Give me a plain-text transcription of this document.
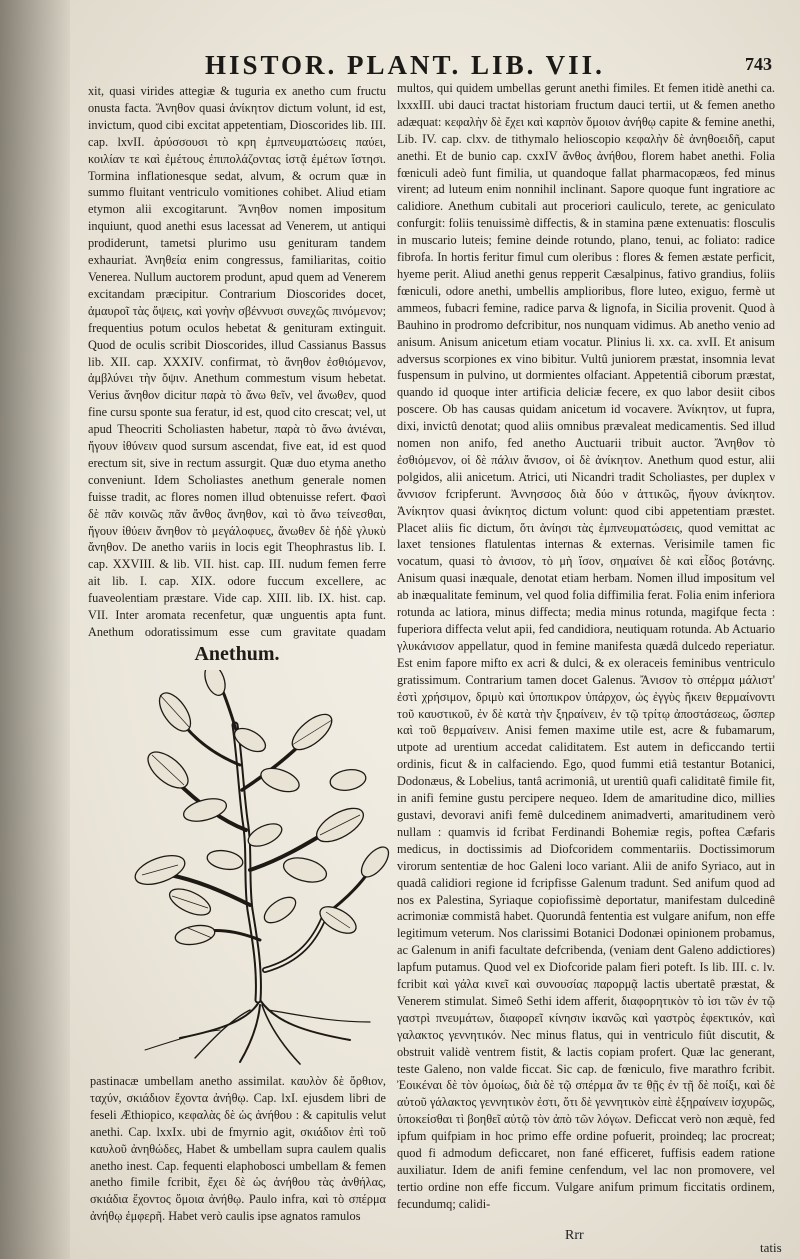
HISTOR. PLANT. LIB. VII.	743

xit, quasi virides attegiæ & tuguria ex anetho cum fructu onusta facta. Ἄνηθον quasi ἀνίκητον dictum volunt, id est, invictum, quod cibi excitat appetentiam, Dioscorides lib. III. cap. lxvII. ἀρύσσουσι τὸ κρη ἐμπνευματώσεις παύει, κοιλίαν τε καὶ ἐμέτους ἐπιπολάζοντας ἱστᾷ ἐμέτων ἵστησι. Tormina inflationesque sedat, alvum, & ocrum quæ in summo fluitant ventriculo vomitiones cohibet. Aliud etiam etymon alii excogitarunt. Ἄνηθον nomen impositum inquiunt, quod anethi esus lacessat ad Venerem, ut antiqui prodiderunt, tametsi plurimo usu genituram tandem exhauriat. Ἀνηθεία enim congressus, familiaritas, coitio Venerea. Nullum auctorem produnt, apud quem ad Venerem excitandam præcipitur. Contrarium Dioscorides docet, ἀμαυροῖ τὰς ὄψεις, καὶ γονὴν σβέννυσι συνεχῶς πινόμενον; frequentius potum oculos hebetat & genituram extinguit. Quod de oculis scribit Dioscorides, illud Cassianus Bassus lib. XII. cap. XXXIV. confirmat, τὸ ἄνηθον ἐσθιόμενον, ἀμβλύνει τὴν ὄψιν. Anethum commestum visum hebetat. Verius ἄνηθον dicitur παρὰ τὸ ἄνω θεῖν, vel ἄνωθεν, quod fine cursu sponte sua feratur, id est, quod cito crescat; vel, ut apud Theocriti Scholiasten habetur, παρὰ τὸ ἄνω ἀνιέναι, ἤγουν ἰθύνειν quod sursum ascendat, five eat, id est quod erectum sit, sive in rectum assurgit. Quæ duo etyma anetho conveniunt. Idem Scholiastes anethum generale nomen fuisse tradit, ac flores nomen illud obtenuisse refert. Φασὶ δὲ πᾶν κοινῶς πᾶν ἄνθος ἄνηθον, καὶ τὸ ἄνω τείνεσθαι, ἤγουν ἰθύειν ἄνηθον τὸ μεγάλοφυες, ἄνωθεν δὲ ἡδὲ γλυκὺ ἄνηθον. De anetho variis in locis egit Theophrastus lib. I. cap. XXVIII. & lib. VII. hist. cap. III. nudum femen ferre ait lib. I. cap. XIX. odore fuccum excellere, ac fuaveolentiam præstare. Vide cap. XIII. lib. IX. hist. cap. VII. Inter aromata recenfetur, quæ unguentis apta funt. Anethum odoratissimum esse cum gravitate quadam

Anethum.

pastinacæ umbellam anetho assimilat. καυλὸν δὲ ὄρθιον, ταχύν, σκιάδιον ἔχοντα ἀνήθῳ. Cap. lxI. ejusdem libri de feseli Æthiopico, κεφαλὰς δὲ ὡς ἀνήθου : & capitulis velut anethi. Cap. lxxIx. ubi de fmyrnio agit, σκιάδιον ἐπὶ τοῦ καυλοῦ ἀνηθώδες, Habet & umbellam supra caulem qualis anetho inest. Cap. fequenti elaphobosci umbellam & femen anetho fimile fcribit, ἔχει δὲ ὡς ἀνήθου τὰς ἀνθήλας, σκιάδια ἔχοντος ὅμοια ἀνήθῳ. Paulo infra, καὶ τὸ σπέρμα ἀνήθῳ ἐμφερῆ. Habet verò caulis ipse agnatos ramulos

multos, qui quidem umbellas gerunt anethi fimiles. Et femen itidè anethi ca. lxxxIII. ubi dauci tractat historiam fructum dauci tertii, ut & femen anetho adæquat: κεφαλὴν δὲ ἔχει καὶ καρπὸν ὅμοιον ἀνήθῳ capite & femine anethi, Lib. IV. cap. clxv. de tithymalo helioscopio κεφαλὴν δὲ ἀνηθοειδῆ, caput anethi. Et de bunio cap. cxxIV ἄνθος ἀνήθου, florem habet anethi. Folia fœniculi adeò funt fimilia, ut quandoque fallat pharmacopæos, fed minus virent; ad luteum enim nonnihil inclinant. Sapore quoque funt ingratiore ac calidiore. Anethum cubitali aut proceriori cauliculo, terete, ac geniculato confurgit: foliis tenuissimè diffectis, & in stamina pæne extenuatis: flosculis in muscario luteis; femine deinde rotundo, plano, tenui, ac foliato: radice fibrofa. In hortis feritur fimul cum oleribus : flores & femen æstate perficit, hyeme perit. Aliud anethi genus repperit Cæsalpinus, fativo grandius, foliis fœniculi, odore anethi, umbellis amplioribus, flore luteo, exiguo, fermè ut ammeos, fubacri femine, radice parva & lignofa, in Sicilia provenit. Quod à Bauhino in prodromo defcribitur, nos nunquam vidimus. Ab anetho venio ad anisum. Anisum anicetum etiam vocatur. Plinius li. xx. ca. xvII. Et anisum adversus scorpiones ex vino bibitur. Vultû juniorem præstat, insomnia levat fuspensum in pulvino, ut dormientes olfaciant. Appetentiâ ciborum præstat, quando id quoque inter artificia deliciæ fecere, ex quo labor desiit cibos poscere. Ob has causas quidam anicetum id vocavere. Ἀνίκητον, ut fupra, dixi, invictû denotat; quod aliis omnibus prævaleat medicamentis. Sed illud nomen non anifo, fed anetho Auctuarii tribuit auctor. Ἄνηθον τὸ ἐσθιόμενον, οἱ δὲ πάλιν ἄνισον, οἱ δὲ ἀνίκητον. Anethum quod estur, alii polgidos, alii anicetum. Atrici, uti Nicandri tradit Scholiastes, per duplex ν ἄννισον fcripferunt. Ἀννησσος διὰ δύο ν ἀττικῶς, ἤγουν ἀνίκητον. Ἀνίκητον quasi ἀνίκητος dictum volunt: quod cibi appetentiam præstet. Placet aliis fic dictum, ὅτι ἀνίησι τὰς ἐμπνευματώσεις, quod vemittat ac laxet tensiones flatulentas internas & externas. Verisimile tamen fic vocatum, quasi τὸ ἀνισον, τὸ μὴ ἴσον, σημαίνει δὲ καὶ εἶδος βοτάνης. Anisum quasi inæquale, denotat etiam herbam. Nomen illud impositum vel ab inæqualitate feminum, vel quod folia diffimilia ferat. Folia enim inferiora rotunda ac latiora, minus diffecta; media minus rotunda, magifque fecta : fuperiora diffecta velut apii, fed candidiora, neutiquam rotunda. Ab Actuario γλυκάνισον appellatur, quod in femine manifesta quædâ dulcedo reperiatur. Est enim fapore mifto ex acri & dulci, & ex oleraceis feminibus ventriculo gratissimum. Contrarium tamen docet Galenus. Ἄνισον τὸ σπέρμα μάλιστ' ἐστὶ χρήσιμον, δριμὺ καὶ ὑποπικρον ὑπάρχον, ὡς ἐγγὺς ἤκειν θερμαίνοντι τοῦ καυστικοῦ, ἐν δὲ κατὰ τὴν ξηραίνειν, ἐν τῷ τρίτῳ ἀποστάσεως, ὥσπερ καὶ τοῦ θερμαίνειν. Anisi femen maxime utile est, acre & fubamarum, utpote ad urentium accedat caliditatem. Est autem in deficcando tertii ordinis, ficut & in calfaciendo. Ego, quod fummi etiâ testantur Botanici, Dodonæus, & Lobelius, tantâ acrimoniâ, ut urentiû quafi caliditatê fimile fit, in anifi femine gustu percipere nequeo. Idem de amaritudine dico, millies gustavi, devoravi anifi femê dulcedinem animadverti, amaritudinem verò nullam : quamvis id fcribat Ferdinandi Bohemiæ regis, poftea Cæfaris medicus, in doctissimis ad Diofcoridem commentariis. Doctissimorum virorum sententiæ de hoc Galeni loco variant. Alii de anifo Syriaco, aut in quadâ calidiori regione id fcripfisse Galenum tradunt. Sed anifum quod ad nos ex Palestina, Syriaque copiofissimè deportatur, manifestam dulcedinê acrimoniæ commistâ habet. Quorundâ fententia est vulgare anifum, non effe legitimum veterum. Nos clarissimi Botanici Dodonæi opinionem probamus, ac Galenum in anifi facultate defcribenda, (veniam dent Galeno addictiores) lapfum putamus. Quod vel ex Diofcoride palam fieri poteft. Is lib. III. c. lv. fcribit καὶ γάλα κινεῖ καὶ συνουσίας παρορμᾷ lactis ubertatê præstat, & Venerem stimulat. Simeô Sethi idem afferit, διαφορητικὸν τὸ ἰσι τῶν ἐν τῷ γαστρὶ πνευμάτων, διαφορεῖ κίνησιν ἱκανῶς καὶ γαστρὸς ἐφεκτικόν, καὶ γαλακτος γεννητικόν. Nec minus flatus, qui in ventriculo fiût discutit, & obstruit validè ventrem fistit, & lactis copiam profert. Quæ lac generant, teste Galeno, non valde ficcat. Sic cap. de fœniculo, five marathro fcribit. Ἐοικέναι δὲ τὸν ὁμοίως, διὰ δὲ τῷ σπέρμα ἄν τε θῇς ἐν τῇ δὲ ποίξι, καὶ δὲ αὐτοῦ γάλακτος γεννητικὸν ἐστι, ὅτι δὲ γεννητικὸν εἰπὲ ἐξηραίνειν ἰσχυρῶς, ὑποκείσθαι τὶ βοηθεῖ αὐτῷ τὸν ἀπὸ τῶν λόγων. Deficcat verò non æquè, fed ipfum quifpiam in hoc primo effe ordine pofuerit, proindeq; lac procreat; quod fi admodum deficcaret, non fané efficeret, fuffisis eadem ratione auxiliatur. Idem de anifi femine cenfendum, vel lac non promovere, vel tertio ordine non effe ficcum. Vulgare anifum primum ficcitatis ordinem, fecundumq; calidi-

Rrr
tatis
